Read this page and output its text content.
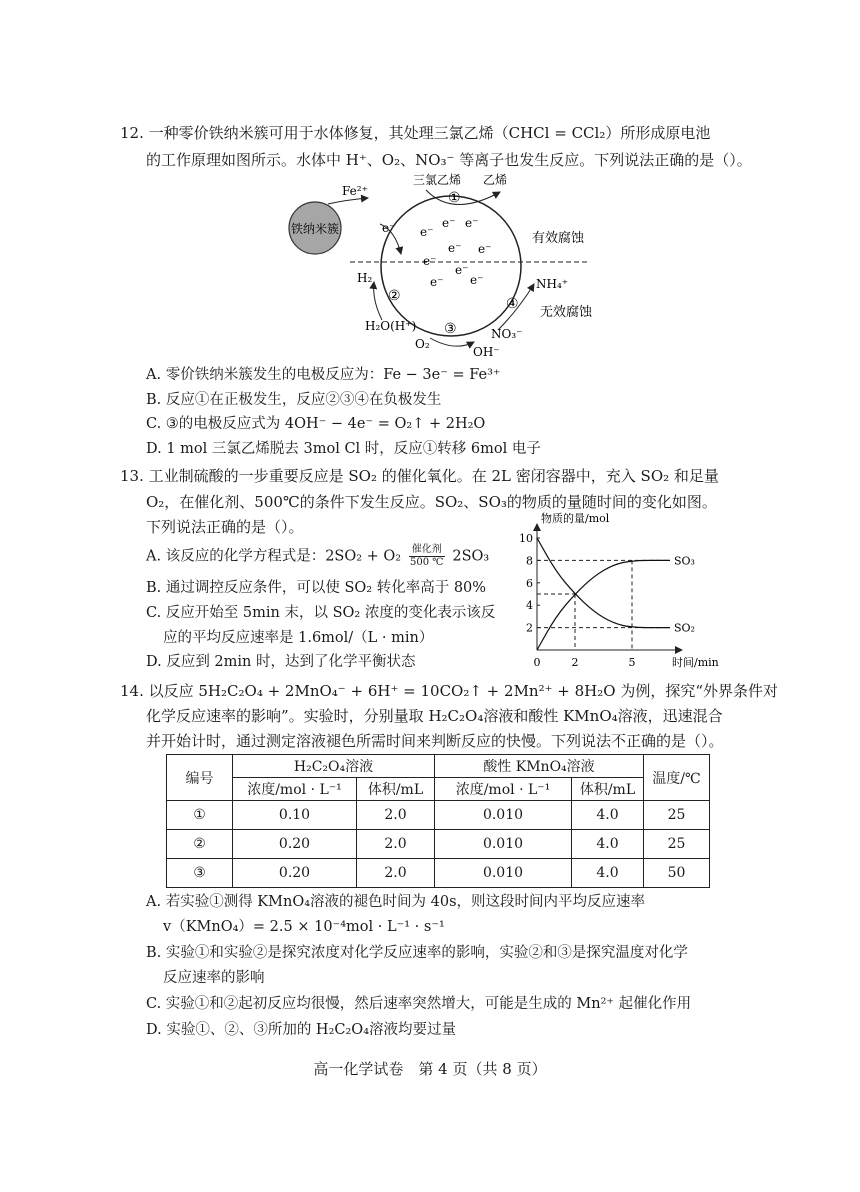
12. 一种零价铁纳米簇可用于水体修复，其处理三氯乙烯（CHCl = CCl₂）所形成原电池
的工作原理如图所示。水体中 H⁺、O₂、NO₃⁻ 等离子也发生反应。下列说法正确的是（）。
铁纳米簇
Fe²⁺
e⁻ e⁻
e⁻ e⁻
e⁻ e⁻
e⁻
e⁻
e⁻ e⁻
三氯乙烯 乙烯
①
有效腐蚀
无效腐蚀
H₂
②
H₂O(H⁺)
O₂
③
OH⁻
NO₃⁻
④
NH₄⁺
A. 零价铁纳米簇发生的电极反应为：Fe − 3e⁻ = Fe³⁺
B. 反应①在正极发生，反应②③④在负极发生
C. ③的电极反应式为 4OH⁻ − 4e⁻ = O₂↑ + 2H₂O
D. 1 mol 三氯乙烯脱去 3mol Cl 时，反应①转移 6mol 电子
13. 工业制硫酸的一步重要反应是 SO₂ 的催化氧化。在 2L 密闭容器中，充入 SO₂ 和足量
O₂，在催化剂、500℃的条件下发生反应。SO₂、SO₃的物质的量随时间的变化如图。
下列说法正确的是（）。
A. 该反应的化学方程式是：2SO₂ + O₂	催化剂
500 ℃ 2SO₃
B. 通过调控反应条件，可以使 SO₂ 转化率高于 80%
C. 反应开始至 5min 末，以 SO₂ 浓度的变化表示该反
应的平均反应速率是 1.6mol/（L · min）
D. 反应到 2min 时，达到了化学平衡状态
物质的量/mol
时间/min
2
4
6
8
10
0	2	5
SO₃
SO₂
14. 以反应 5H₂C₂O₄ + 2MnO₄⁻ + 6H⁺ = 10CO₂↑ + 2Mn²⁺ + 8H₂O 为例，探究“外界条件对
化学反应速率的影响”。实验时，分别量取 H₂C₂O₄溶液和酸性 KMnO₄溶液，迅速混合
并开始计时，通过测定溶液褪色所需时间来判断反应的快慢。下列说法不正确的是（）。
编号	H₂C₂O₄溶液		酸性 KMnO₄溶液		温度/℃
	浓度/mol · L⁻¹	体积/mL	浓度/mol · L⁻¹	体积/mL	
①	0.10	2.0	0.010	4.0	25
②	0.20	2.0	0.010	4.0	25
③	0.20	2.0	0.010	4.0	50
A. 若实验①测得 KMnO₄溶液的褪色时间为 40s，则这段时间内平均反应速率
v（KMnO₄）= 2.5 × 10⁻⁴mol · L⁻¹ · s⁻¹
B. 实验①和实验②是探究浓度对化学反应速率的影响，实验②和③是探究温度对化学
反应速率的影响
C. 实验①和②起初反应均很慢，然后速率突然增大，可能是生成的 Mn²⁺ 起催化作用
D. 实验①、②、③所加的 H₂C₂O₄溶液均要过量
高一化学试卷　第 4 页（共 8 页）
